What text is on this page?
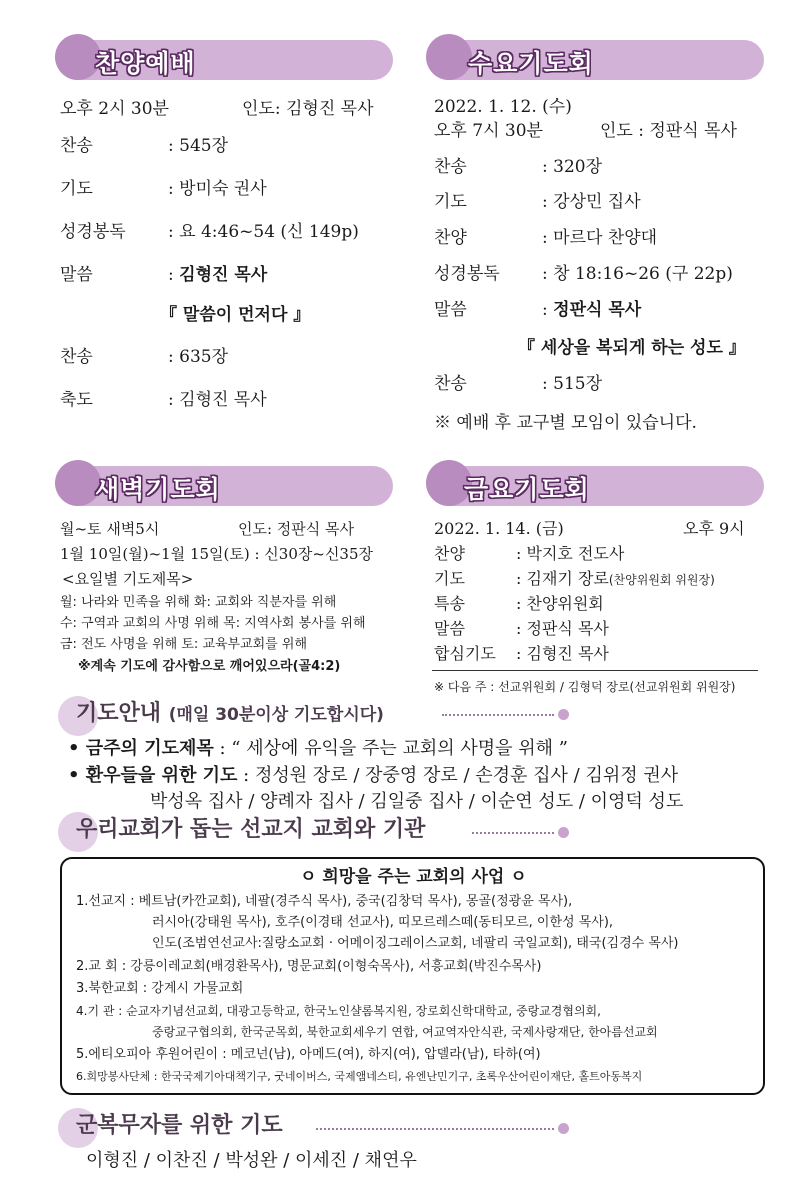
찬양예배	수요기도회
새벽기도회	금요기도회
오후 2시 30분	인도: 김형진 목사
찬송	: 545장
기도	: 방미숙 권사
성경봉독 : 요 4:46~54 (신 149p)
말씀	: 김형진 목사
『 말씀이 먼저다 』
찬송	: 635장
축도	: 김형진 목사
2022. 1. 12. (수)
오후 7시 30분	인도 : 정판식 목사
찬송	: 320장
기도	: 강상민 집사
찬양	: 마르다 찬양대
성경봉독 : 창 18:16~26 (구 22p)
말씀	: 정판식 목사
『 세상을 복되게 하는 성도 』
찬송	: 515장
※ 예배 후 교구별 모임이 있습니다.
월~토 새벽5시	인도: 정판식 목사
1월 10일(월)~1월 15일(토) : 신30장~신35장
<요일별 기도제목>
월: 나라와 민족을 위해 화: 교회와 직분자를 위해
수: 구역과 교회의 사명 위해 목: 지역사회 봉사를 위해
금: 전도 사명을 위해 토: 교육부교회를 위해
※계속 기도에 감사함으로 깨어있으라(골4:2)
2022. 1. 14. (금)	오후 9시
찬양	: 박지호 전도사
기도	: 김재기 장로(찬양위원회 위원장)
특송	: 찬양위원회
말씀	: 정판식 목사
합심기도 : 김형진 목사
※ 다음 주 : 선교위원회 / 김형덕 장로(선교위원회 위원장)
기도안내 (매일 30분이상 기도합시다)
• 금주의 기도제목 : “ 세상에 유익을 주는 교회의 사명을 위해 ”
• 환우들을 위한 기도 : 정성원 장로 / 장중영 장로 / 손경훈 집사 / 김위정 권사
박성옥 집사 / 양례자 집사 / 김일중 집사 / 이순연 성도 / 이영덕 성도
우리교회가 돕는 선교지 교회와 기관
ㅇ 희망을 주는 교회의 사업 ㅇ
1.선교지 : 베트남(카깐교회), 네팔(경주식 목사), 중국(김창덕 목사), 몽골(정광윤 목사),
러시아(강태원 목사), 호주(이경태 선교사), 띠모르레스떼(동티모르, 이한성 목사),
인도(조범연선교사:질랑소교회 · 어메이징그레이스교회, 네팔리 국일교회), 태국(김경수 목사)
2.교 회 : 강릉이레교회(배경환목사), 명문교회(이형숙목사), 서흥교회(박진수목사)
3.북한교회 : 강계시 가물교회
4.기 관 : 순교자기념선교회, 대광고등학교, 한국노인샬롬복지원, 장로회신학대학교, 중랑교경협의회,
중랑교구협의회, 한국군목회, 북한교회세우기 연합, 여교역자안식관, 국제사랑재단, 한아름선교회
5.에티오피아 후원어린이 : 메코넌(남), 아메드(여), 하지(여), 압델라(남), 타하(여)
6.희망봉사단체 : 한국국제기아대책기구, 굿네이버스, 국제앰네스티, 유엔난민기구, 초록우산어린이재단, 홀트아동복지
군복무자를 위한 기도
이형진 / 이찬진 / 박성완 / 이세진 / 채연우
